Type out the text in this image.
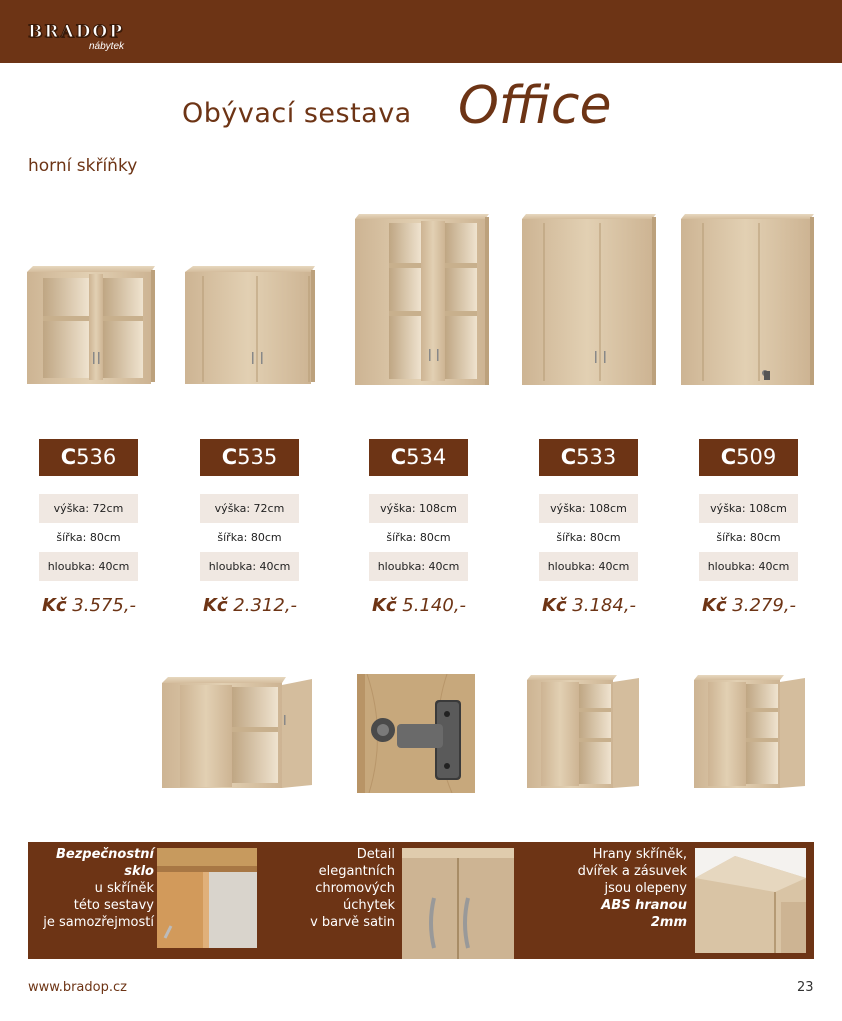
BRADOP
nábytek
Obývací sestava Office
horní skříňky
C536	C535	C534	C533	C509
výška: 72cm
šířka: 80cm
hloubka: 40cm
výška: 72cm
šířka: 80cm
hloubka: 40cm
výška: 108cm
šířka: 80cm
hloubka: 40cm
výška: 108cm
šířka: 80cm
hloubka: 40cm
výška: 108cm
šířka: 80cm
hloubka: 40cm
Kč 3.575,-	Kč 2.312,-	Kč 5.140,-	Kč 3.184,-	Kč 3.279,-
Bezpečnostní
sklo
u skříněk
této sestavy
je samozřejmostí
Detail
elegantních
chromových
úchytek
v barvě satin
Hrany skříněk,
dvířek a zásuvek
jsou olepeny
ABS hranou
2mm
www.bradop.cz	23
